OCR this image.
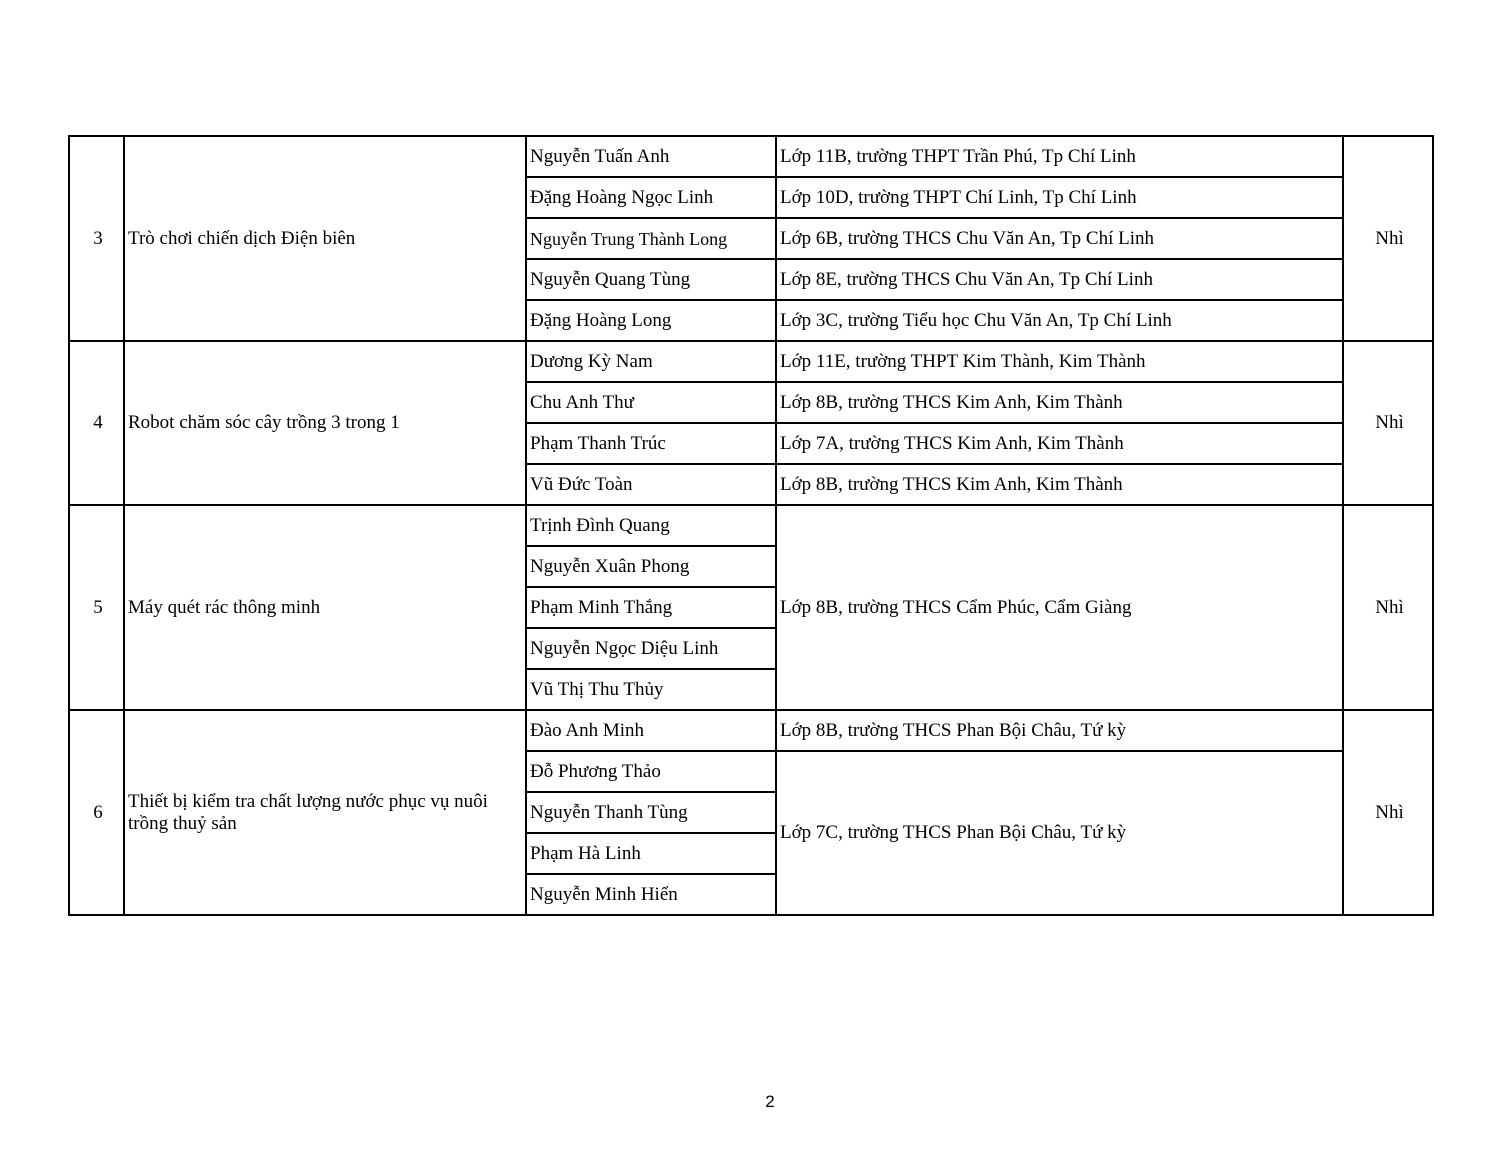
3	Trò chơi chiến dịch Điện biên	Nguyễn Tuấn Anh	Lớp 11B, trường THPT Trần Phú, Tp Chí Linh	Nhì
		Đặng Hoàng Ngọc Linh	Lớp 10D, trường THPT Chí Linh, Tp Chí Linh	
		Nguyễn Trung Thành Long	Lớp 6B, trường THCS Chu Văn An, Tp Chí Linh	
		Nguyễn Quang Tùng	Lớp 8E, trường THCS Chu Văn An, Tp Chí Linh	
		Đặng Hoàng Long	Lớp 3C, trường Tiểu học Chu Văn An, Tp Chí Linh	
4	Robot chăm sóc cây trồng 3 trong 1	Dương Kỳ Nam	Lớp 11E, trường THPT Kim Thành, Kim Thành	Nhì
		Chu Anh Thư	Lớp 8B, trường THCS Kim Anh, Kim Thành	
		Phạm Thanh Trúc	Lớp 7A, trường THCS Kim Anh, Kim Thành	
		Vũ Đức Toàn	Lớp 8B, trường THCS Kim Anh, Kim Thành	
5	Máy quét rác thông minh	Trịnh Đình Quang	Lớp 8B, trường THCS Cẩm Phúc, Cẩm Giàng	Nhì
		Nguyễn Xuân Phong		
		Phạm Minh Thắng		
		Nguyễn Ngọc Diệu Linh		
		Vũ Thị Thu Thủy		
6	Thiết bị kiểm tra chất lượng nước phục vụ nuôi trồng thuỷ sản	Đào Anh Minh	Lớp 8B, trường THCS Phan Bội Châu, Tứ kỳ	Nhì
		Đỗ Phương Thảo	Lớp 7C, trường THCS Phan Bội Châu, Tứ kỳ	
		Nguyễn Thanh Tùng		
		Phạm Hà Linh		
		Nguyễn Minh Hiển		
2
